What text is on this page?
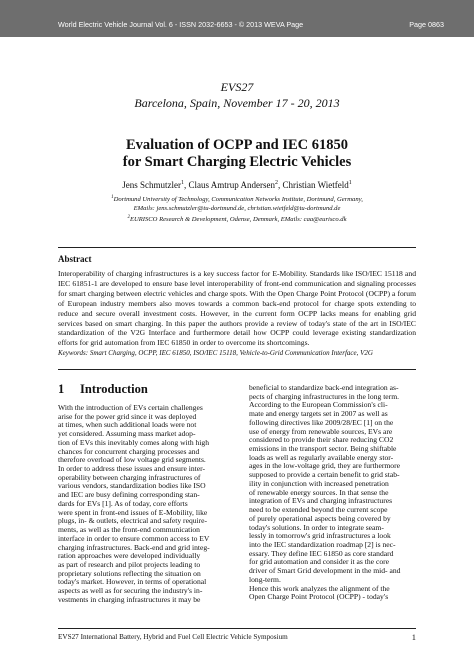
World Electric Vehicle Journal Vol. 6 - ISSN 2032-6653 - © 2013 WEVA Page	Page 0863
EVS27
Barcelona, Spain, November 17 - 20, 2013
Evaluation of OCPP and IEC 61850
for Smart Charging Electric Vehicles
Jens Schmutzler$^1$, Claus Amtrup Andersen$^2$, Christian Wietfeld$^1$
$^1$Dortmund University of Technology, Communication Networks Institute, Dortmund, Germany,
EMails: jens.schmutzler@tu-dortmund.de, christian.wietfeld@tu-dortmund.de
$^2$EURISCO Research & Development, Odense, Denmark, EMails: caa@eurisco.dk
Abstract
Interoperability of charging infrastructures is a key success factor for E-Mobility. Standards like ISO/IEC 15118 and IEC 61851-1 are developed to ensure base level interoperability of front-end communication and signaling processes for smart charging between electric vehicles and charge spots. With the Open Charge Point Protocol (OCPP) a forum of European industry members also moves towards a common back-end protocol for charge spots extending to reduce and secure overall investment costs. However, in the current form OCPP lacks means for enabling grid services based on smart charging. In this paper the authors provide a review of today's state of the art in ISO/IEC standardization of the V2G Interface and furthermore detail how OCPP could leverage existing standardization efforts for grid automation from IEC 61850 in order to overcome its shortcomings.
Keywords: Smart Charging, OCPP, IEC 61850, ISO/IEC 15118, Vehicle-to-Grid Communication Interface, V2G
1 Introduction
With the introduction of EVs certain challenges
arise for the power grid since it was deployed
at times, when such additional loads were not
yet considered. Assuming mass market adop-
tion of EVs this inevitably comes along with high
chances for concurrent charging processes and
therefore overload of low voltage grid segments.
In order to address these issues and ensure inter-
operability between charging infrastructures of
various vendors, standardization bodies like ISO
and IEC are busy defining corresponding stan-
dards for EVs [1]. As of today, core efforts
were spent in front-end issues of E-Mobility, like
plugs, in- & outlets, electrical and safety require-
ments, as well as the front-end communication
interface in order to ensure common access to EV
charging infrastructures. Back-end and grid integ-
ration approaches were developed individually
as part of research and pilot projects leading to
proprietary solutions reflecting the situation on
today's market. However, in terms of operational
aspects as well as for securing the industry's in-
vestments in charging infrastructures it may be
beneficial to standardize back-end integration as-
pects of charging infrastructures in the long term.
According to the European Commission's cli-
mate and energy targets set in 2007 as well as
following directives like 2009/28/EC [1] on the
use of energy from renewable sources, EVs are
considered to provide their share reducing CO2
emissions in the transport sector. Being shiftable
loads as well as regularly available energy stor-
ages in the low-voltage grid, they are furthermore
supposed to provide a certain benefit to grid stab-
ility in conjunction with increased penetration
of renewable energy sources. In that sense the
integration of EVs and charging infrastructures
need to be extended beyond the current scope
of purely operational aspects being covered by
today's solutions. In order to integrate seam-
lessly in tomorrow's grid infrastructures a look
into the IEC standardization roadmap [2] is nec-
essary. They define IEC 61850 as core standard
for grid automation and consider it as the core
driver of Smart Grid development in the mid- and
long-term.
Hence this work analyzes the alignment of the
Open Charge Point Protocol (OCPP) - today's
EVS27 International Battery, Hybrid and Fuel Cell Electric Vehicle Symposium	1
